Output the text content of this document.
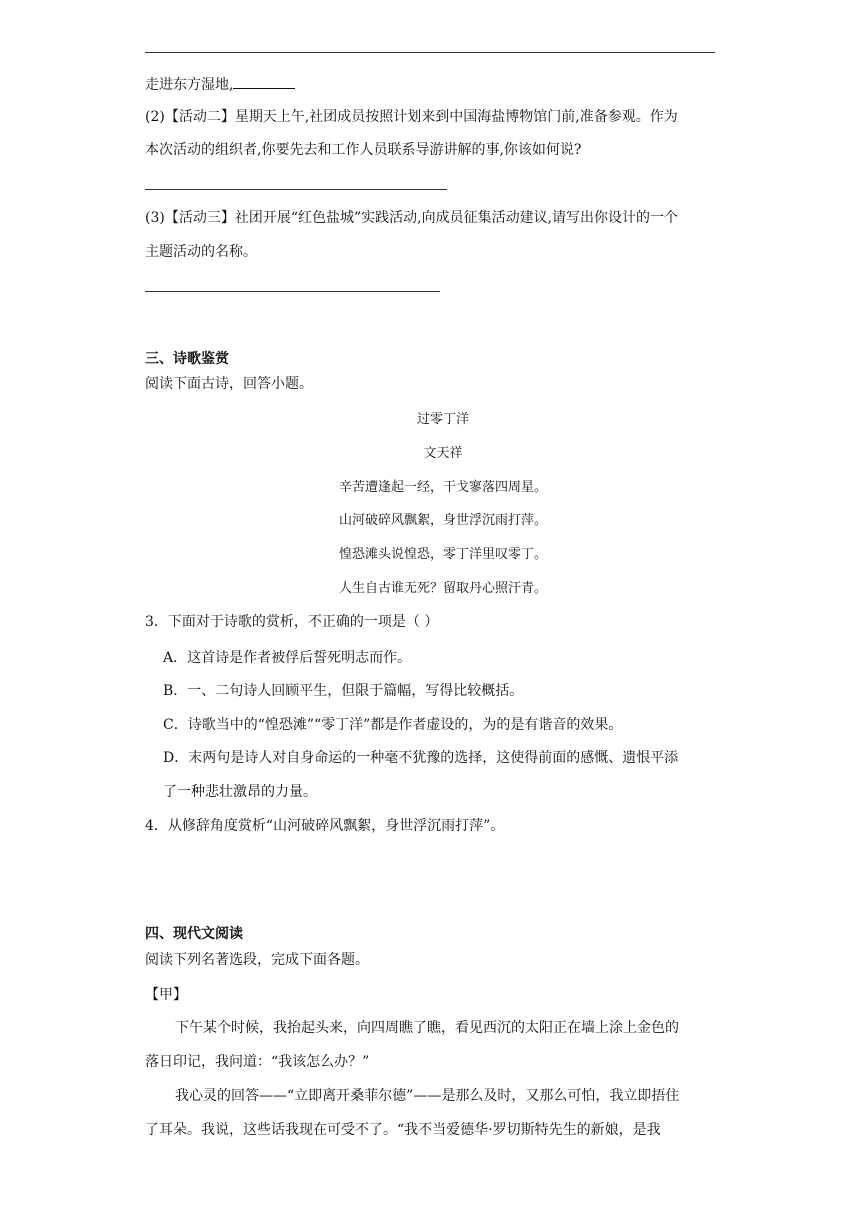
走进东方湿地,
(2)【活动二】星期天上午,社团成员按照计划来到中国海盐博物馆门前,准备参观。作为
本次活动的组织者,你要先去和工作人员联系导游讲解的事,你该如何说?
(3)【活动三】社团开展“红色盐城”实践活动,向成员征集活动建议,请写出你设计的一个
主题活动的名称。
三、诗歌鉴赏
阅读下面古诗，回答小题。
过零丁洋
文天祥
辛苦遭逢起一经，干戈寥落四周星。
山河破碎风飘絮，身世浮沉雨打萍。
惶恐滩头说惶恐，零丁洋里叹零丁。
人生自古谁无死？留取丹心照汗青。
3．下面对于诗歌的赏析，不正确的一项是（ ）
A．这首诗是作者被俘后誓死明志而作。
B．一、二句诗人回顾平生，但限于篇幅，写得比较概括。
C．诗歌当中的“惶恐滩”“零丁洋”都是作者虚设的，为的是有谐音的效果。
D．末两句是诗人对自身命运的一种毫不犹豫的选择，这使得前面的感慨、遗恨平添
了一种悲壮激昂的力量。
4．从修辞角度赏析“山河破碎风飘絮，身世浮沉雨打萍”。
四、现代文阅读
阅读下列名著选段，完成下面各题。
【甲】
下午某个时候，我抬起头来，向四周瞧了瞧，看见西沉的太阳正在墙上涂上金色的
落日印记，我问道：“我该怎么办？”
我心灵的回答——“立即离开桑菲尔德”——是那么及时，又那么可怕，我立即捂住
了耳朵。我说，这些话我现在可受不了。“我不当爱德华·罗切斯特先生的新娘，是我
